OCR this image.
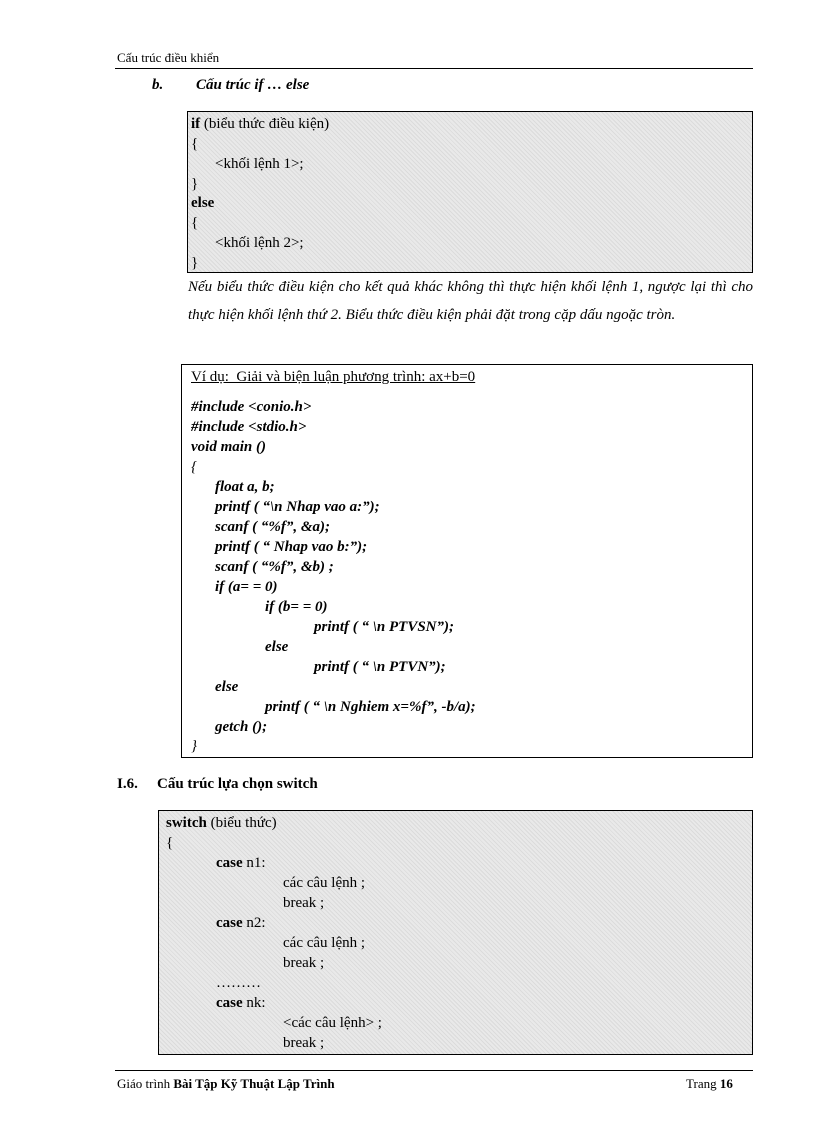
Cấu trúc điều khiển
b. Cấu trúc if … else
if (biểu thức điều kiện)
{
<khối lệnh 1>;
}
else
{
<khối lệnh 2>;
}
Nếu biểu thức điều kiện cho kết quả khác không thì thực hiện khối lệnh 1, ngược lại thì cho thực hiện khối lệnh thứ 2. Biểu thức điều kiện phải đặt trong cặp dấu ngoặc tròn.
Ví dụ:  Giải và biện luận phương trình: ax+b=0
#include <conio.h>
#include <stdio.h>
void main ()
{
float a, b;
printf ( “\n Nhap vao a:”);
scanf ( “%f”, &a);
printf ( “ Nhap vao b:”);
scanf ( “%f”, &b) ;
if (a= = 0)
if (b= = 0)
printf ( “ \n PTVSN”);
else
printf ( “ \n PTVN”);
else
printf ( “ \n Nghiem x=%f”, -b/a);
getch ();
}
I.6. Cấu trúc lựa chọn switch
switch (biểu thức)
{
case n1:
các câu lệnh ;
break ;
case n2:
các câu lệnh ;
break ;
………
case nk:
<các câu lệnh> ;
break ;
Giáo trình Bài Tập Kỹ Thuật Lập Trình	Trang 16
